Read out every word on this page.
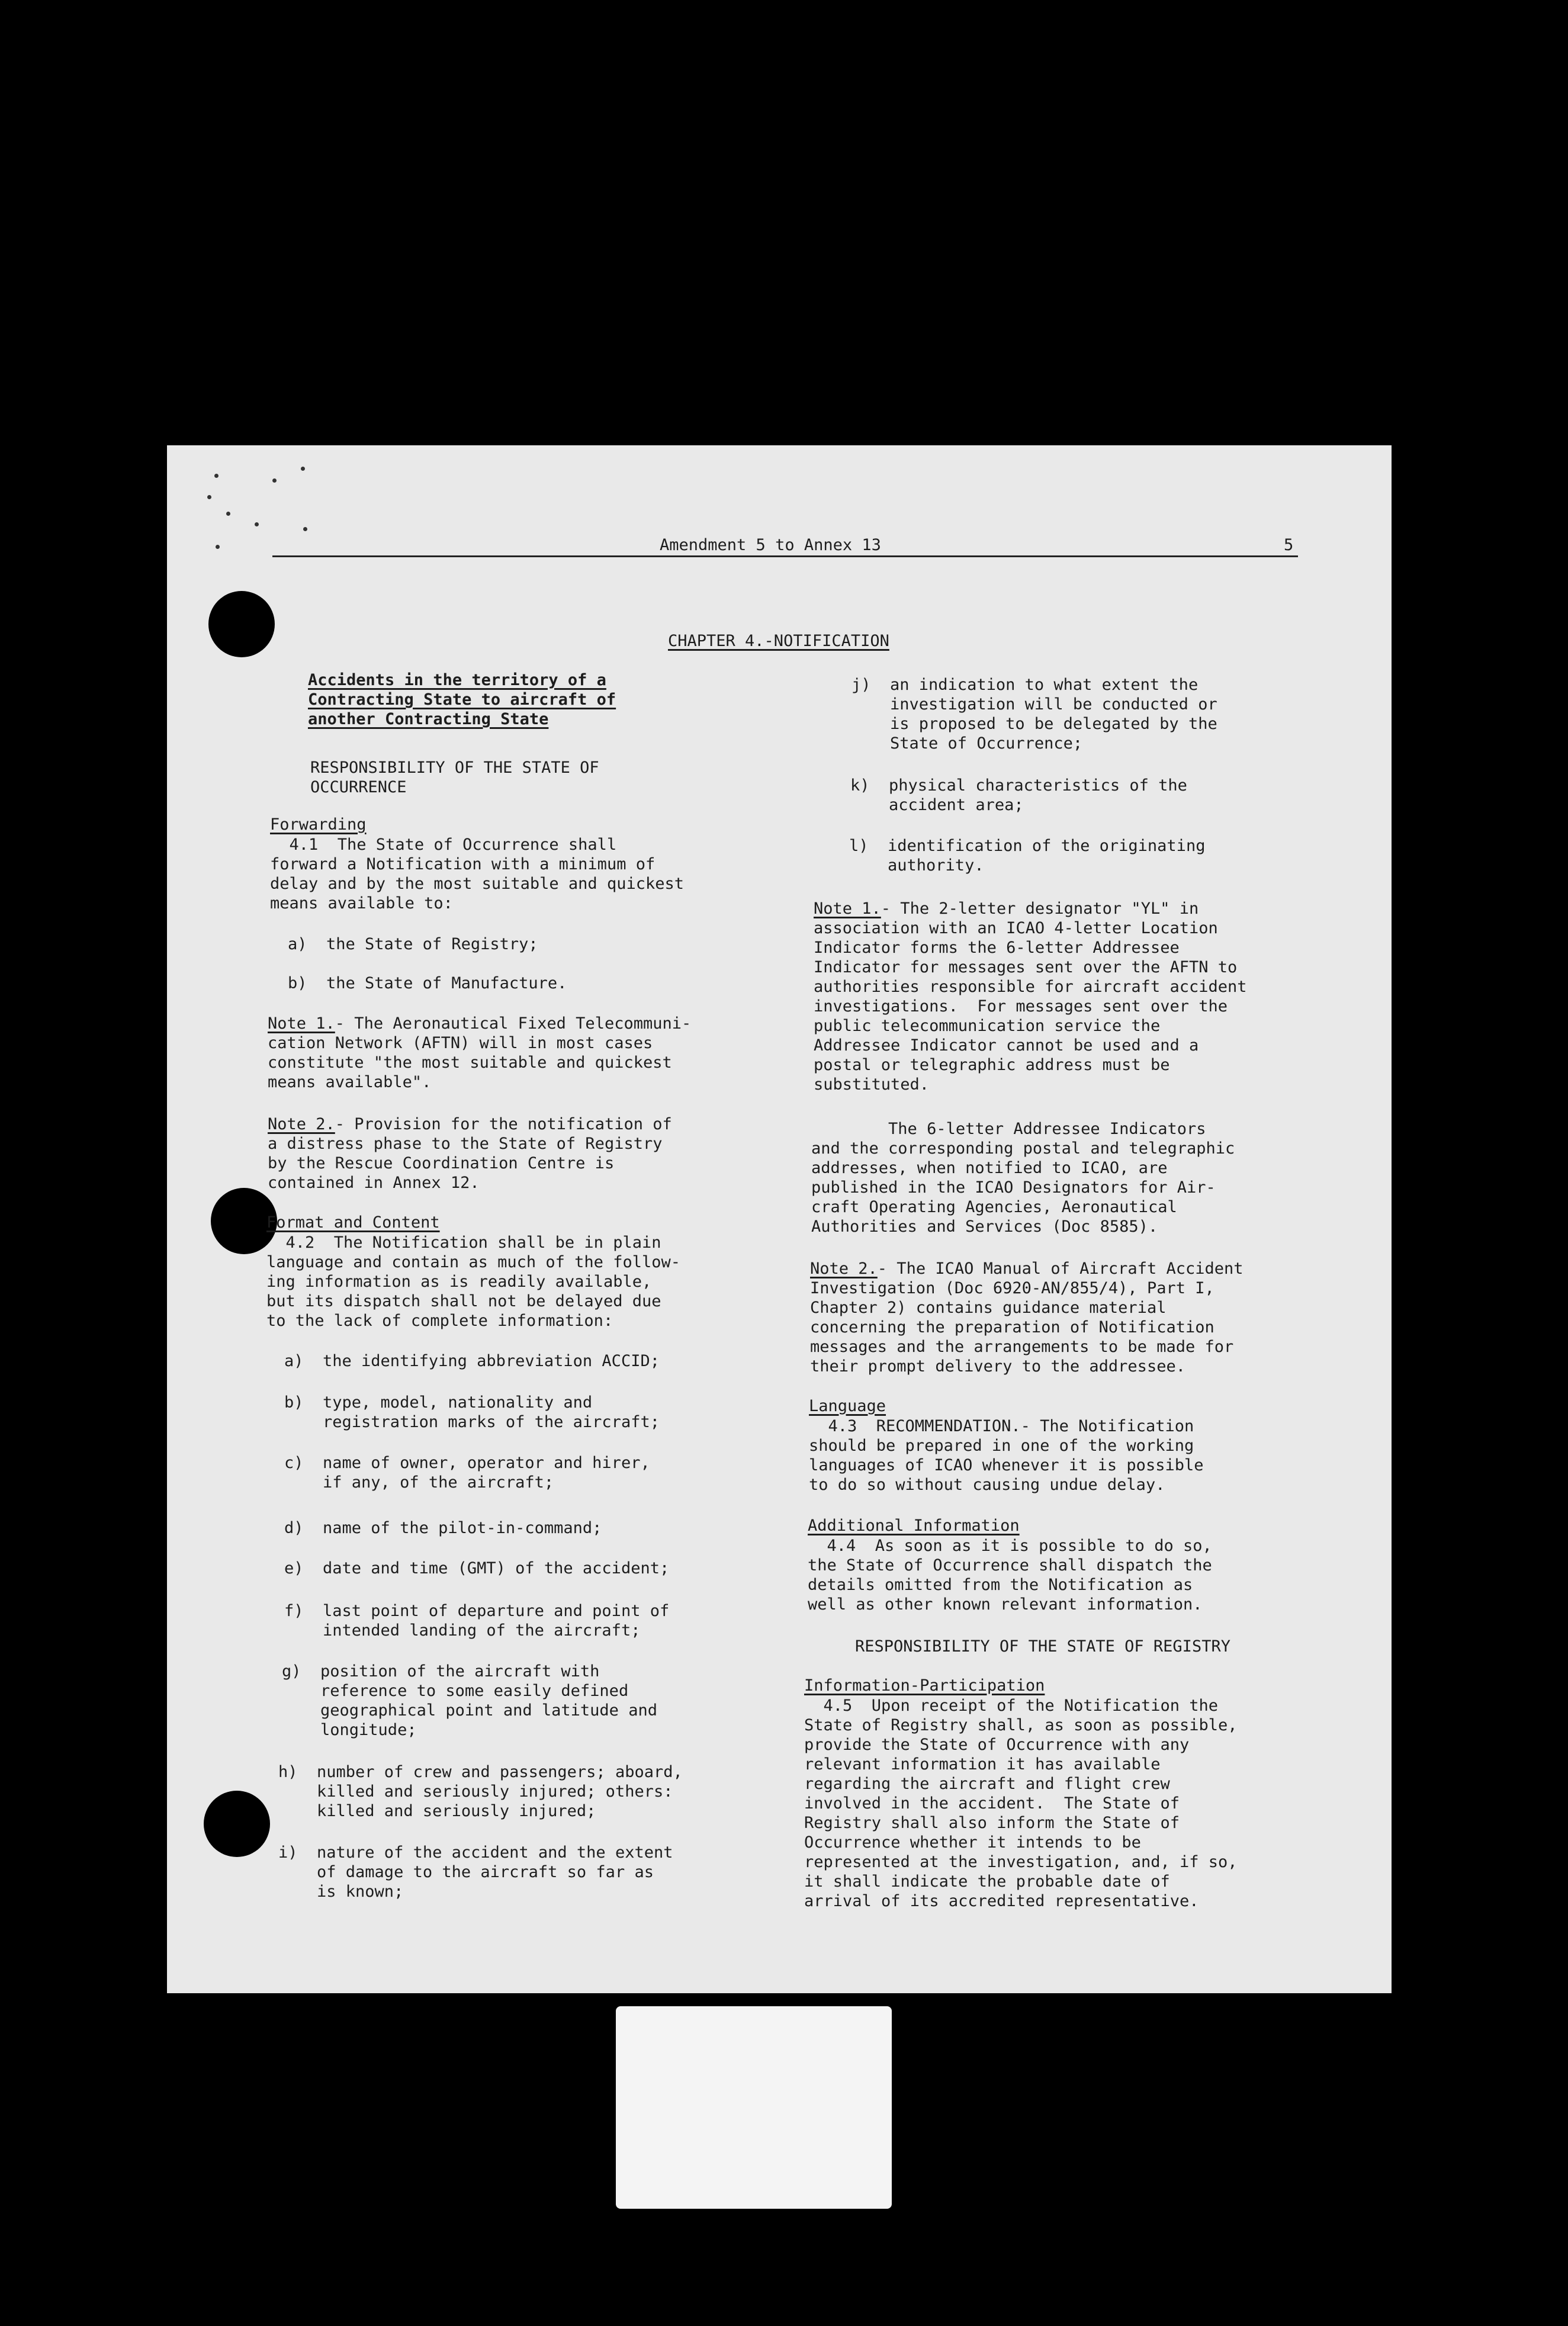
Amendment 5 to Annex 13	5
CHAPTER 4.-NOTIFICATION
Accidents in the territory of a
Contracting State to aircraft of
another Contracting State
RESPONSIBILITY OF THE STATE OF
OCCURRENCE
Forwarding
4.1  The State of Occurrence shall
forward a Notification with a minimum of
delay and by the most suitable and quickest
means available to:
a)  the State of Registry;
b)  the State of Manufacture.
Note 1.- The Aeronautical Fixed Telecommuni-
cation Network (AFTN) will in most cases
constitute "the most suitable and quickest
means available".
Note 2.- Provision for the notification of
a distress phase to the State of Registry
by the Rescue Coordination Centre is
contained in Annex 12.
Format and Content
4.2  The Notification shall be in plain
language and contain as much of the follow-
ing information as is readily available,
but its dispatch shall not be delayed due
to the lack of complete information:
a)  the identifying abbreviation ACCID;
b)  type, model, nationality and
registration marks of the aircraft;
c)  name of owner, operator and hirer,
if any, of the aircraft;
d)  name of the pilot-in-command;
e)  date and time (GMT) of the accident;
f)  last point of departure and point of
intended landing of the aircraft;
g)  position of the aircraft with
reference to some easily defined
geographical point and latitude and
longitude;
h)  number of crew and passengers; aboard,
killed and seriously injured; others:
killed and seriously injured;
i)  nature of the accident and the extent
of damage to the aircraft so far as
is known;
j)  an indication to what extent the
investigation will be conducted or
is proposed to be delegated by the
State of Occurrence;
k)  physical characteristics of the
accident area;
l)  identification of the originating
authority.
Note 1.- The 2-letter designator "YL" in
association with an ICAO 4-letter Location
Indicator forms the 6-letter Addressee
Indicator for messages sent over the AFTN to
authorities responsible for aircraft accident
investigations.  For messages sent over the
public telecommunication service the
Addressee Indicator cannot be used and a
postal or telegraphic address must be
substituted.
The 6-letter Addressee Indicators
and the corresponding postal and telegraphic
addresses, when notified to ICAO, are
published in the ICAO Designators for Air-
craft Operating Agencies, Aeronautical
Authorities and Services (Doc 8585).
Note 2.- The ICAO Manual of Aircraft Accident
Investigation (Doc 6920-AN/855/4), Part I,
Chapter 2) contains guidance material
concerning the preparation of Notification
messages and the arrangements to be made for
their prompt delivery to the addressee.
Language
4.3  RECOMMENDATION.- The Notification
should be prepared in one of the working
languages of ICAO whenever it is possible
to do so without causing undue delay.
Additional Information
4.4  As soon as it is possible to do so,
the State of Occurrence shall dispatch the
details omitted from the Notification as
well as other known relevant information.
RESPONSIBILITY OF THE STATE OF REGISTRY
Information-Participation
4.5  Upon receipt of the Notification the
State of Registry shall, as soon as possible,
provide the State of Occurrence with any
relevant information it has available
regarding the aircraft and flight crew
involved in the accident.  The State of
Registry shall also inform the State of
Occurrence whether it intends to be
represented at the investigation, and, if so,
it shall indicate the probable date of
arrival of its accredited representative.
